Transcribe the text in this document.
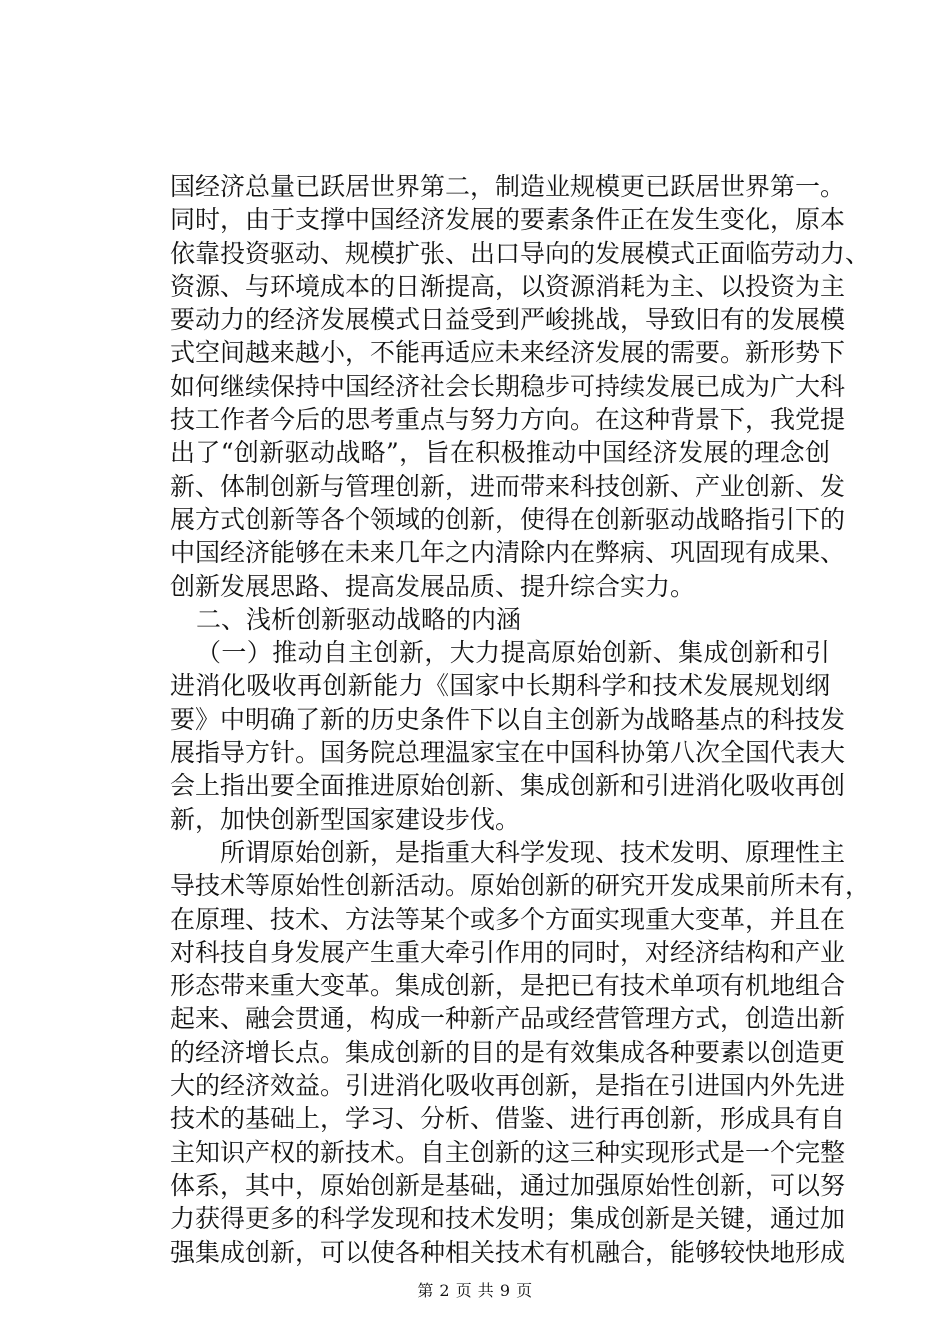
国经济总量已跃居世界第二，制造业规模更已跃居世界第一。
同时，由于支撑中国经济发展的要素条件正在发生变化，原本
依靠投资驱动、规模扩张、出口导向的发展模式正面临劳动力、
资源、与环境成本的日渐提高，以资源消耗为主、以投资为主
要动力的经济发展模式日益受到严峻挑战，导致旧有的发展模
式空间越来越小，不能再适应未来经济发展的需要。新形势下
如何继续保持中国经济社会长期稳步可持续发展已成为广大科
技工作者今后的思考重点与努力方向。在这种背景下，我党提
出了“创新驱动战略”，旨在积极推动中国经济发展的理念创
新、体制创新与管理创新，进而带来科技创新、产业创新、发
展方式创新等各个领域的创新，使得在创新驱动战略指引下的
中国经济能够在未来几年之内清除内在弊病、巩固现有成果、
创新发展思路、提高发展品质、提升综合实力。
二、浅析创新驱动战略的内涵
（一）推动自主创新，大力提高原始创新、集成创新和引
进消化吸收再创新能力《国家中长期科学和技术发展规划纲
要》中明确了新的历史条件下以自主创新为战略基点的科技发
展指导方针。国务院总理温家宝在中国科协第八次全国代表大
会上指出要全面推进原始创新、集成创新和引进消化吸收再创
新，加快创新型国家建设步伐。
所谓原始创新，是指重大科学发现、技术发明、原理性主
导技术等原始性创新活动。原始创新的研究开发成果前所未有，
在原理、技术、方法等某个或多个方面实现重大变革，并且在
对科技自身发展产生重大牵引作用的同时，对经济结构和产业
形态带来重大变革。集成创新，是把已有技术单项有机地组合
起来、融会贯通，构成一种新产品或经营管理方式，创造出新
的经济增长点。集成创新的目的是有效集成各种要素以创造更
大的经济效益。引进消化吸收再创新，是指在引进国内外先进
技术的基础上，学习、分析、借鉴、进行再创新，形成具有自
主知识产权的新技术。自主创新的这三种实现形式是一个完整
体系，其中，原始创新是基础，通过加强原始性创新，可以努
力获得更多的科学发现和技术发明；集成创新是关键，通过加
强集成创新，可以使各种相关技术有机融合，能够较快地形成
第 2 页 共 9 页
